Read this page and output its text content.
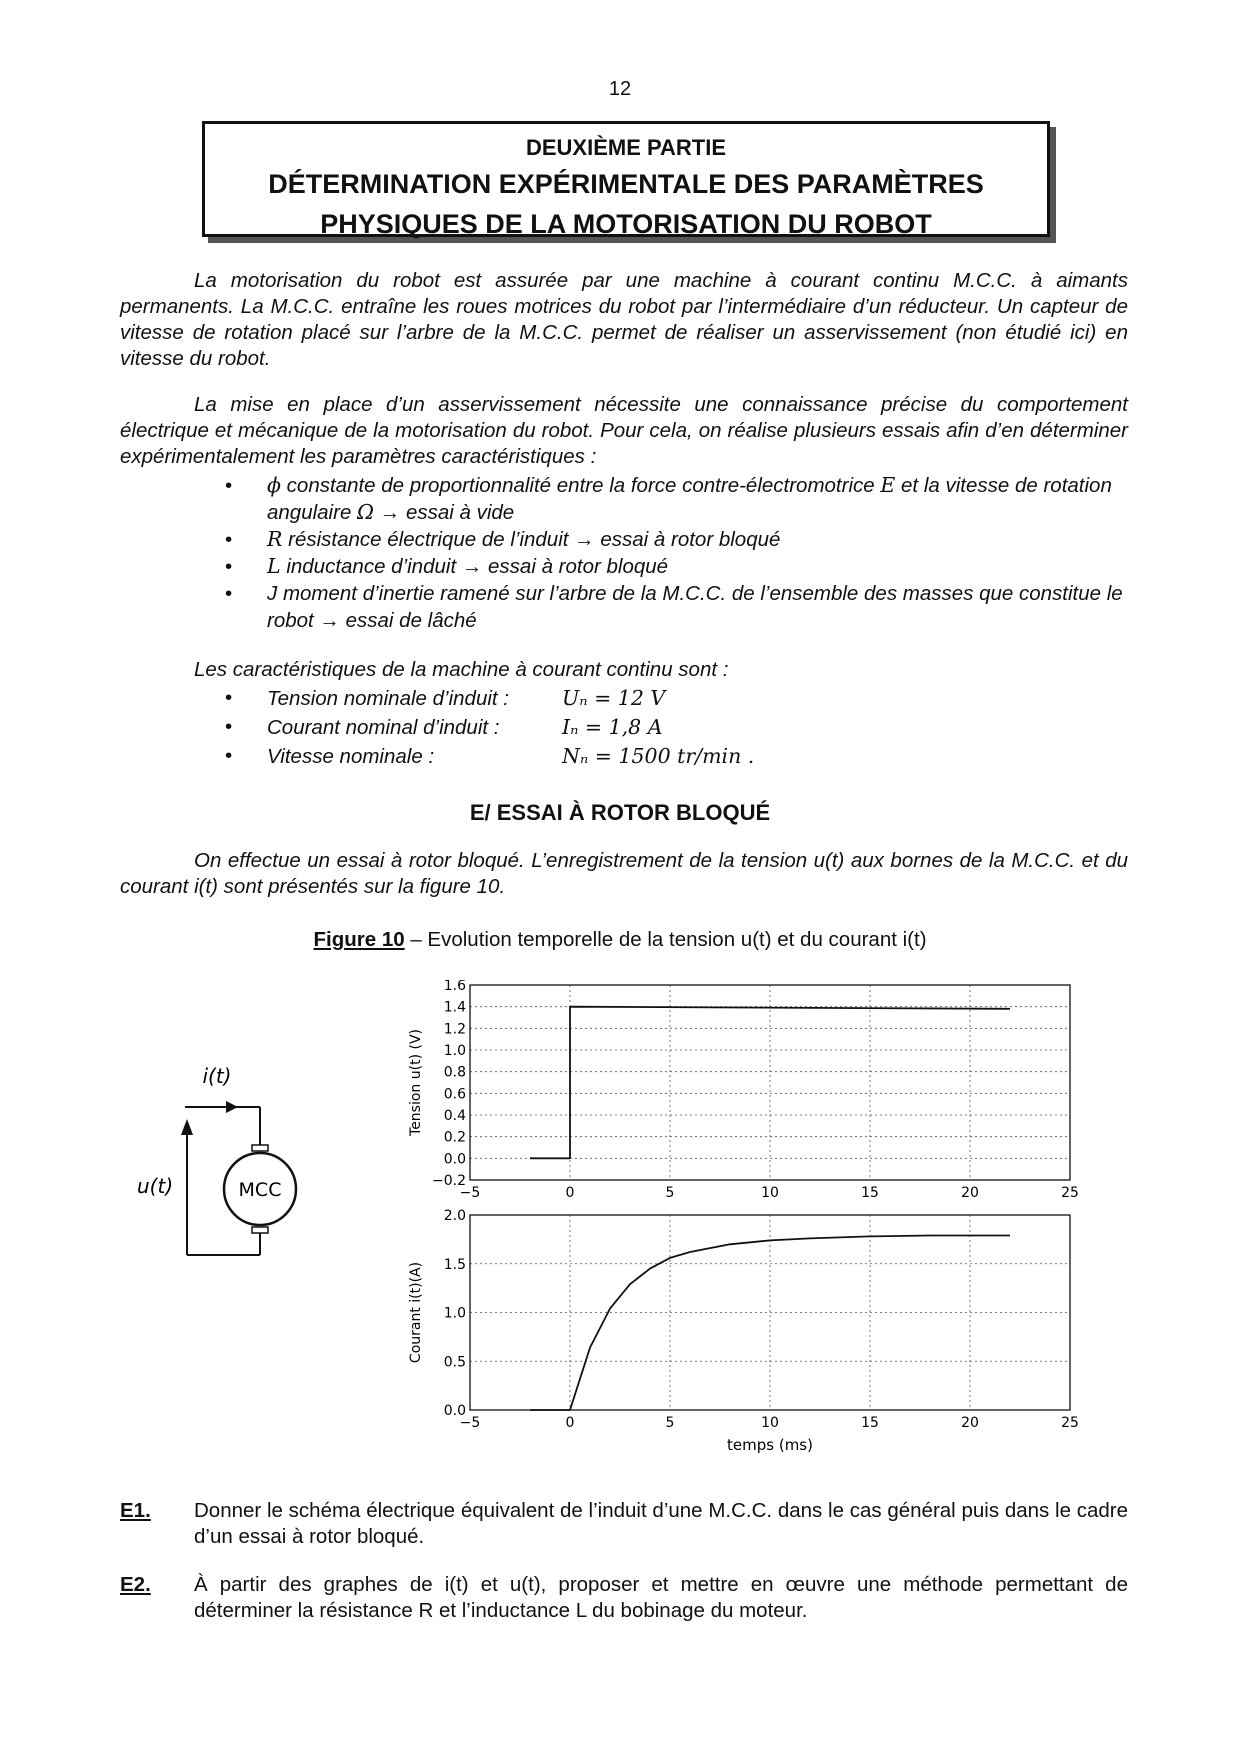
12
DEUXIÈME PARTIE
DÉTERMINATION EXPÉRIMENTALE DES PARAMÈTRES
PHYSIQUES DE LA MOTORISATION DU ROBOT
La motorisation du robot est assurée par une machine à courant continu M.C.C. à aimants permanents. La M.C.C. entraîne les roues motrices du robot par l’intermédiaire d’un réducteur. Un capteur de vitesse de rotation placé sur l’arbre de la M.C.C. permet de réaliser un asservissement (non étudié ici) en vitesse du robot.
La mise en place d’un asservissement nécessite une connaissance précise du comportement électrique et mécanique de la motorisation du robot. Pour cela, on réalise plusieurs essais afin d’en déterminer expérimentalement les paramètres caractéristiques :
• ϕ constante de proportionnalité entre la force contre-électromotrice E et la vitesse de rotation angulaire Ω → essai à vide
• R résistance électrique de l’induit → essai à rotor bloqué
• L inductance d’induit → essai à rotor bloqué
• J moment d’inertie ramené sur l’arbre de la M.C.C. de l’ensemble des masses que constitue le robot → essai de lâché
Les caractéristiques de la machine à courant continu sont :
• Tension nominale d’induit :	Uₙ = 12 V
• Courant nominal d’induit :	Iₙ = 1,8 A
• Vitesse nominale :	Nₙ = 1500 tr/min .
E/ ESSAI À ROTOR BLOQUÉ
On effectue un essai à rotor bloqué. L’enregistrement de la tension u(t) aux bornes de la M.C.C. et du courant i(t) sont présentés sur la figure 10.
Figure 10 – Evolution temporelle de la tension u(t) et du courant i(t)
i(t)
MCC
u(t)	−5	0	5	10	15	20	25
−0.2
0.0
0.2
0.4
0.6
0.8
1.0
1.2
1.4
1.6
Tension u(t) (V)
−5	0	5	10	15	20	25
0.0
0.5
1.0
1.5
2.0
Courant i(t)(A)
temps (ms)
E1. Donner le schéma électrique équivalent de l’induit d’une M.C.C. dans le cas général puis dans le cadre d’un essai à rotor bloqué.
E2. À partir des graphes de i(t) et u(t), proposer et mettre en œuvre une méthode permettant de déterminer la résistance R et l’inductance L du bobinage du moteur.
